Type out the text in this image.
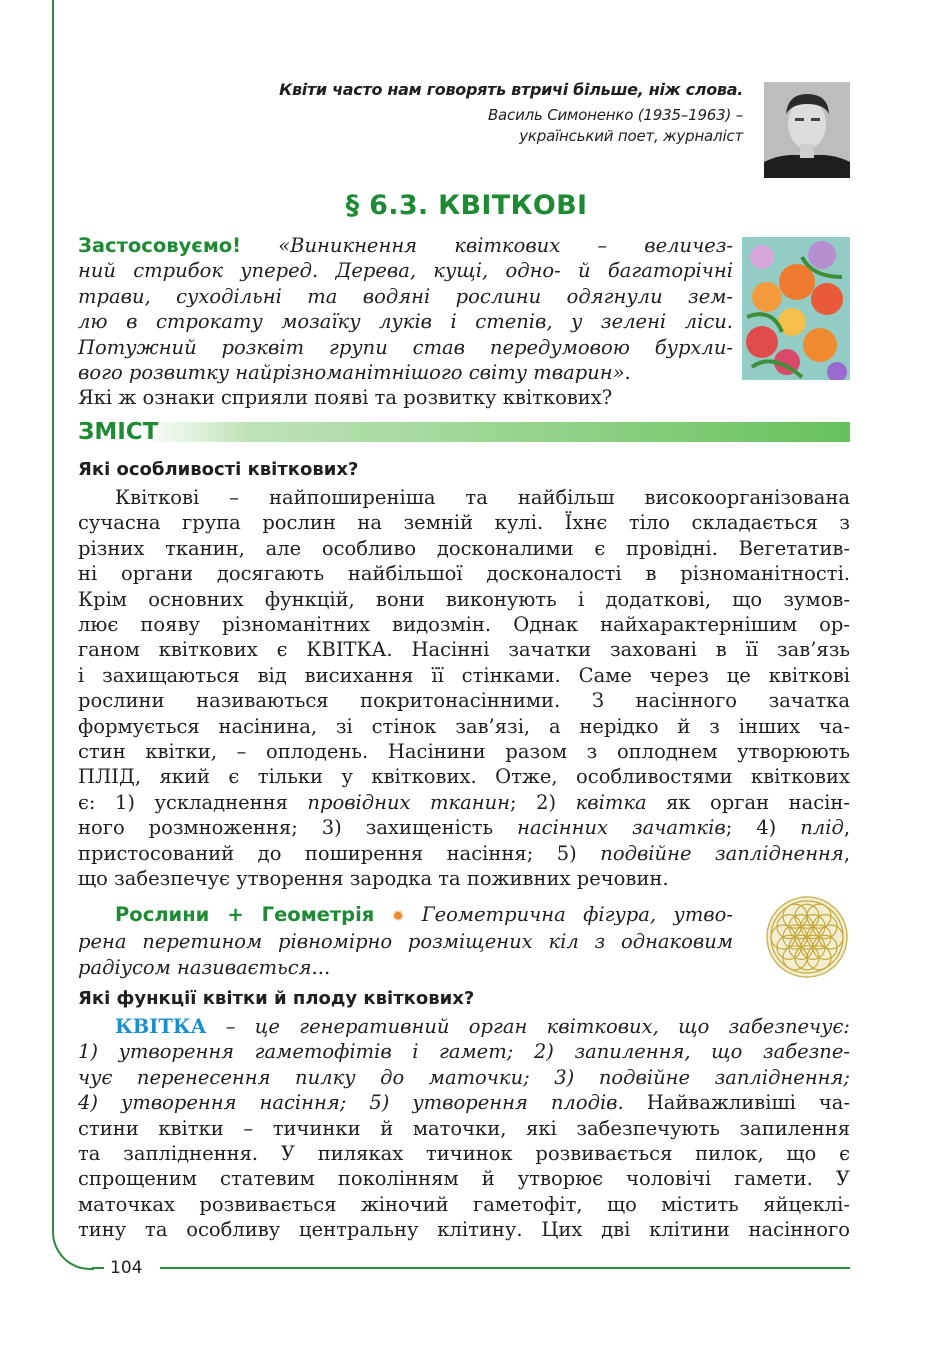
104
Квіти часто нам говорять втричі більше, ніж слова.
Василь Симоненко (1935–1963) –
український поет, журналіст
§ 6.3. КВІТКОВІ
Застосовуємо! «Виникнення квіткових – величез-
ний стрибок уперед. Дерева, кущі, одно- й багаторічні
трави, суходільні та водяні рослини одягнули зем-
лю в строкату мозаїку луків і степів, у зелені ліси.
Потужний розквіт групи став передумовою бурхли-
вого розвитку найрізноманітнішого світу тварин».
Які ж ознаки сприяли появі та розвитку квіткових?
ЗМІСТ
Які особливості квіткових?
Квіткові – найпоширеніша та найбільш високоорганізована
сучасна група рослин на земній кулі. Їхнє тіло складається з
різних тканин, але особливо досконалими є провідні. Вегетатив-
ні органи досягають найбільшої досконалості в різноманітності.
Крім основних функцій, вони виконують і додаткові, що зумов-
лює появу різноманітних видозмін. Однак найхарактернішим ор-
ганом квіткових є КВІТКА. Насінні зачатки заховані в її зав’язь
і захищаються від висихання її стінками. Саме через це квіткові
рослини називаються покритонасінними. З насінного зачатка
формується насінина, зі стінок зав’язі, а нерідко й з інших ча-
стин квітки, – оплодень. Насінини разом з оплоднем утворюють
ПЛІД, який є тільки у квіткових. Отже, особливостями квіткових
є: 1) ускладнення провідних тканин; 2) квітка як орган насін-
ного розмноження; 3) захищеність насінних зачатків; 4) плід,
пристосований до поширення насіння; 5) подвійне запліднення,
що забезпечує утворення зародка та поживних речовин.
Рослини + Геометрія ✹ Геометрична фігура, утво-
рена перетином рівномірно розміщених кіл з однаковим
радіусом називається...
Які функції квітки й плоду квіткових?
КВІТКА – це генеративний орган квіткових, що забезпечує:
1) утворення гаметофітів і гамет; 2) запилення, що забезпе-
чує перенесення пилку до маточки; 3) подвійне запліднення;
4) утворення насіння; 5) утворення плодів. Найважливіші ча-
стини квітки – тичинки й маточки, які забезпечують запилення
та запліднення. У пиляках тичинок розвивається пилок, що є
спрощеним статевим поколінням й утворює чоловічі гамети. У
маточках розвивається жіночий гаметофіт, що містить яйцеклі-
тину та особливу центральну клітину. Цих дві клітини насінного
